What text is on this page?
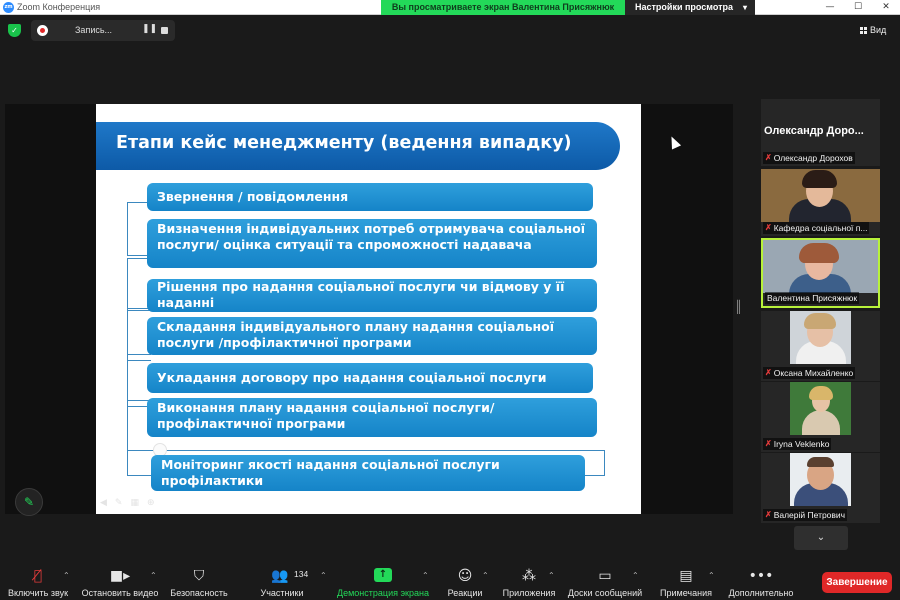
zm Zoom Конференция	Вы просматриваете экран Валентина Присяжнюк	Настройки просмотра ▾	—	☐	✕
✓	Запись...	❚❚	Вид
Етапи кейс менеджменту (ведення випадку)
Звернення / повідомлення
Визначення індивідуальних потреб отримувача соціальної послуги/ оцінка ситуації та спроможності надавача
Рішення про надання соціальної послуги чи відмову у її наданні
Складання індивідуального плану надання соціальної послуги /профілактичної програми
Укладання договору про надання соціальної послуги
Виконання плану надання соціальної послуги/ профілактичної програми
Моніторинг якості надання соціальної послуги профілактики
◀ ✎ ▦ ⊕
✎
║
Олександр Доро...
✗ Олександр Дорохов
✗ Кафедра соціальної п...
Валентина Присяжнюк
✗ Оксана Михайленко
✗ Iryna Veklenko
✗ Валерій Петрович
⌄
🎙̸
Включить звук
⌃	■▸
Остановить видео
⌃	⛉
Безопасность
👥
Участники
134 ⌃	↑
Демонстрация экрана
⌃ ☺
Реакции
⌃ ⁂
Приложения
⌃	▭
Доски сообщений
⌃	▤
Примечания
⌃ •••
Дополнительно
Завершение
